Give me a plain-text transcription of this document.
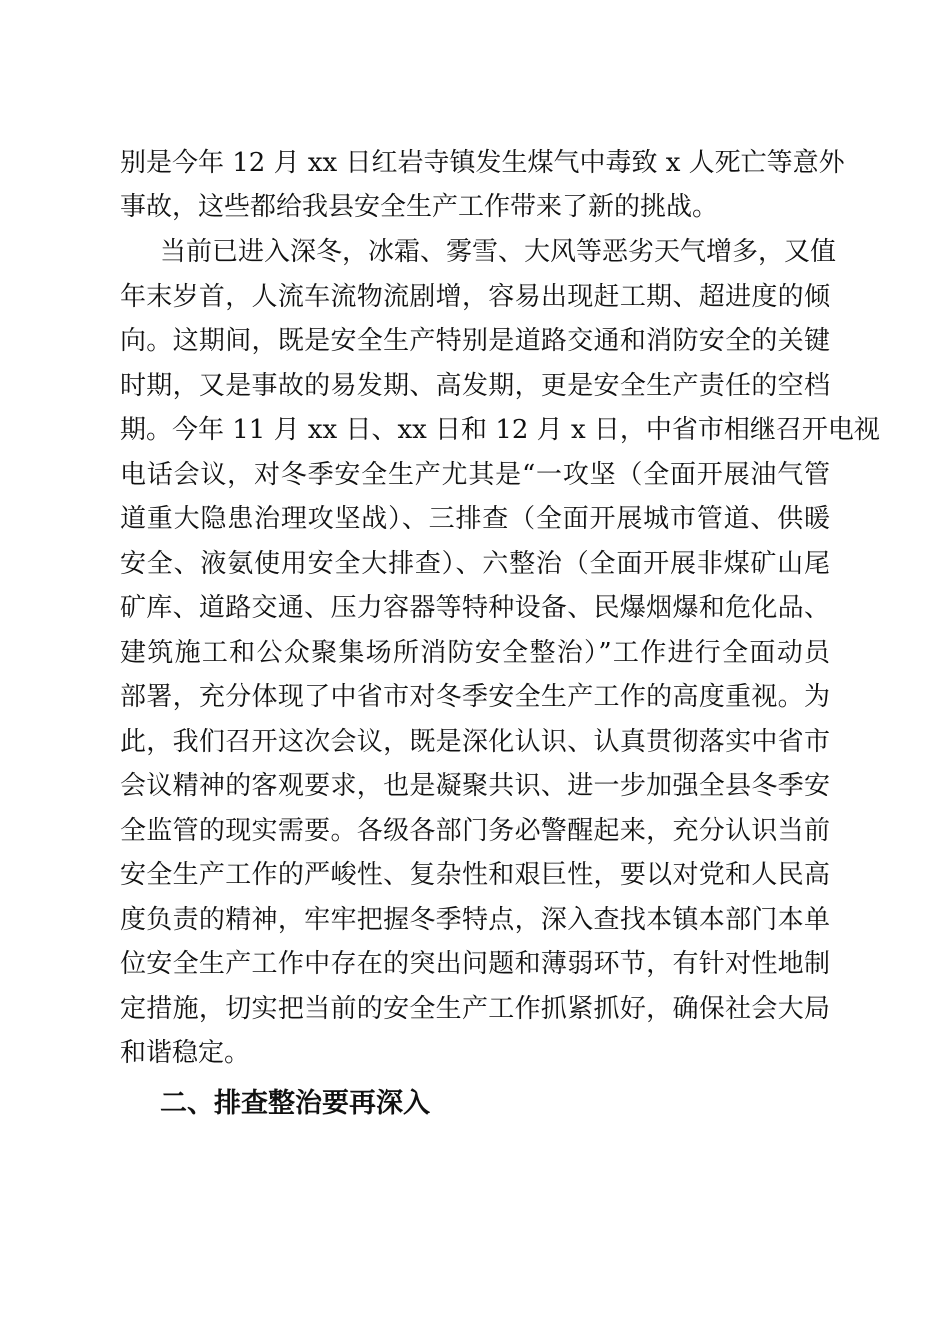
别是今年 12 月 xx 日红岩寺镇发生煤气中毒致 x 人死亡等意外
事故，这些都给我县安全生产工作带来了新的挑战。
当前已进入深冬，冰霜、雾雪、大风等恶劣天气增多，又值
年末岁首，人流车流物流剧增，容易出现赶工期、超进度的倾
向。这期间，既是安全生产特别是道路交通和消防安全的关键
时期，又是事故的易发期、高发期，更是安全生产责任的空档
期。今年 11 月 xx 日、xx 日和 12 月 x 日，中省市相继召开电视
电话会议，对冬季安全生产尤其是“一攻坚（全面开展油气管
道重大隐患治理攻坚战）、三排查（全面开展城市管道、供暖
安全、液氨使用安全大排查）、六整治（全面开展非煤矿山尾
矿库、道路交通、压力容器等特种设备、民爆烟爆和危化品、
建筑施工和公众聚集场所消防安全整治）”工作进行全面动员
部署，充分体现了中省市对冬季安全生产工作的高度重视。为
此，我们召开这次会议，既是深化认识、认真贯彻落实中省市
会议精神的客观要求，也是凝聚共识、进一步加强全县冬季安
全监管的现实需要。各级各部门务必警醒起来，充分认识当前
安全生产工作的严峻性、复杂性和艰巨性，要以对党和人民高
度负责的精神，牢牢把握冬季特点，深入查找本镇本部门本单
位安全生产工作中存在的突出问题和薄弱环节，有针对性地制
定措施，切实把当前的安全生产工作抓紧抓好，确保社会大局
和谐稳定。
二、排查整治要再深入
